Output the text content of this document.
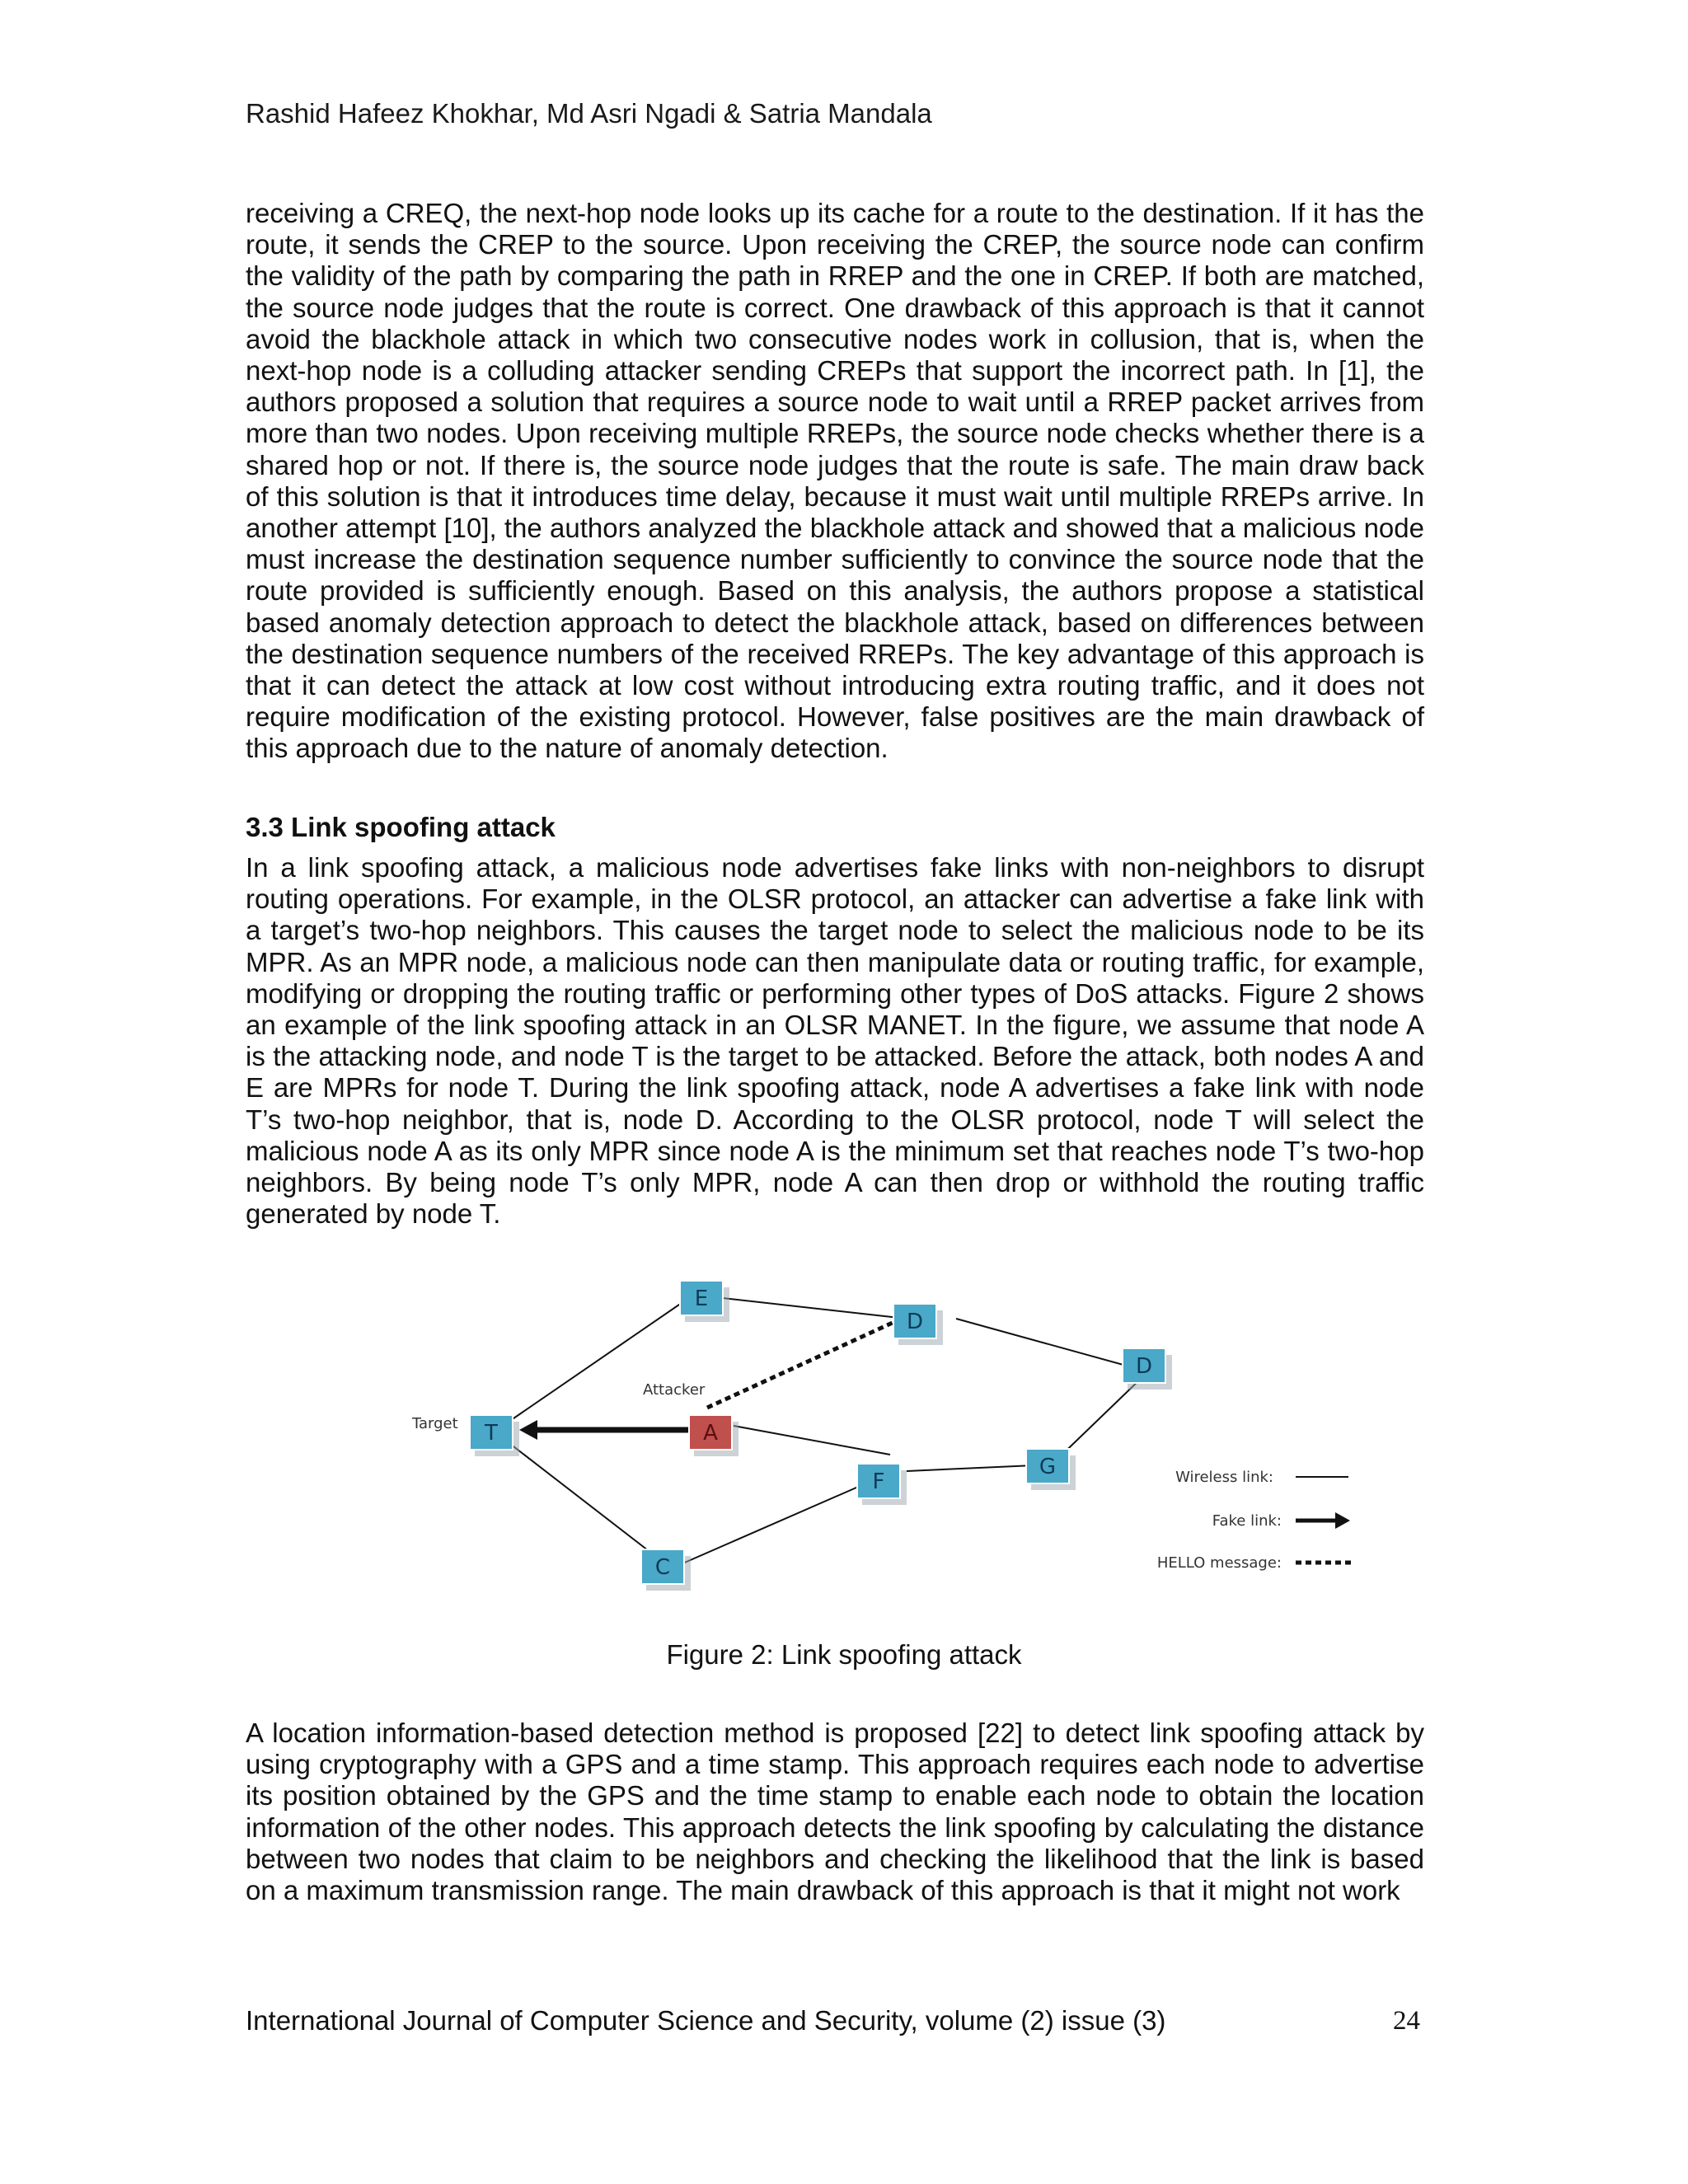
Rashid Hafeez Khokhar, Md Asri Ngadi & Satria Mandala

receiving a CREQ, the next-hop node looks up its cache for a route to the destination. If it has the route, it sends the CREP to the source. Upon receiving the CREP, the source node can confirm the validity of the path by comparing the path in RREP and the one in CREP. If both are matched, the source node judges that the route is correct. One drawback of this approach is that it cannot avoid the blackhole attack in which two consecutive nodes work in collusion, that is, when the next-hop node is a colluding attacker sending CREPs that support the incorrect path. In [1], the authors proposed a solution that requires a source node to wait until a RREP packet arrives from more than two nodes. Upon receiving multiple RREPs, the source node checks whether there is a shared hop or not. If there is, the source node judges that the route is safe. The main draw back of this solution is that it introduces time delay, because it must wait until multiple RREPs arrive. In another attempt [10], the authors analyzed the blackhole attack and showed that a malicious node must increase the destination sequence number sufficiently to convince the source node that the route provided is sufficiently enough. Based on this analysis, the authors propose a statistical based anomaly detection approach to detect the blackhole attack, based on differences between the destination sequence numbers of the received RREPs. The key advantage of this approach is that it can detect the attack at low cost without introducing extra routing traffic, and it does not require modification of the existing protocol. However, false positives are the main drawback of this approach due to the nature of anomaly detection.

3.3 Link spoofing attack

In a link spoofing attack, a malicious node advertises fake links with non-neighbors to disrupt routing operations. For example, in the OLSR protocol, an attacker can advertise a fake link with a target’s two-hop neighbors. This causes the target node to select the malicious node to be its MPR. As an MPR node, a malicious node can then manipulate data or routing traffic, for example, modifying or dropping the routing traffic or performing other types of DoS attacks. Figure 2 shows an example of the link spoofing attack in an OLSR MANET. In the figure, we assume that node A is the attacking node, and node T is the target to be attacked. Before the attack, both nodes A and E are MPRs for node T. During the link spoofing attack, node A advertises a fake link with node T’s two-hop neighbor, that is, node D. According to the OLSR protocol, node T will select the malicious node A as its only MPR since node A is the minimum set that reaches node T’s two-hop neighbors. By being node T’s only MPR, node A can then drop or withhold the routing traffic generated by node T.

E
D
D
T	A
F
G
C
Target
Attacker
Wireless link:
Fake link:
HELLO message:
Figure 2: Link spoofing attack

A location information-based detection method is proposed [22] to detect link spoofing attack by using cryptography with a GPS and a time stamp. This approach requires each node to advertise its position obtained by the GPS and the time stamp to enable each node to obtain the location information of the other nodes. This approach detects the link spoofing by calculating the distance between two nodes that claim to be neighbors and checking the likelihood that the link is based on a maximum transmission range. The main drawback of this approach is that it might not work

International Journal of Computer Science and Security, volume (2) issue (3)	24
